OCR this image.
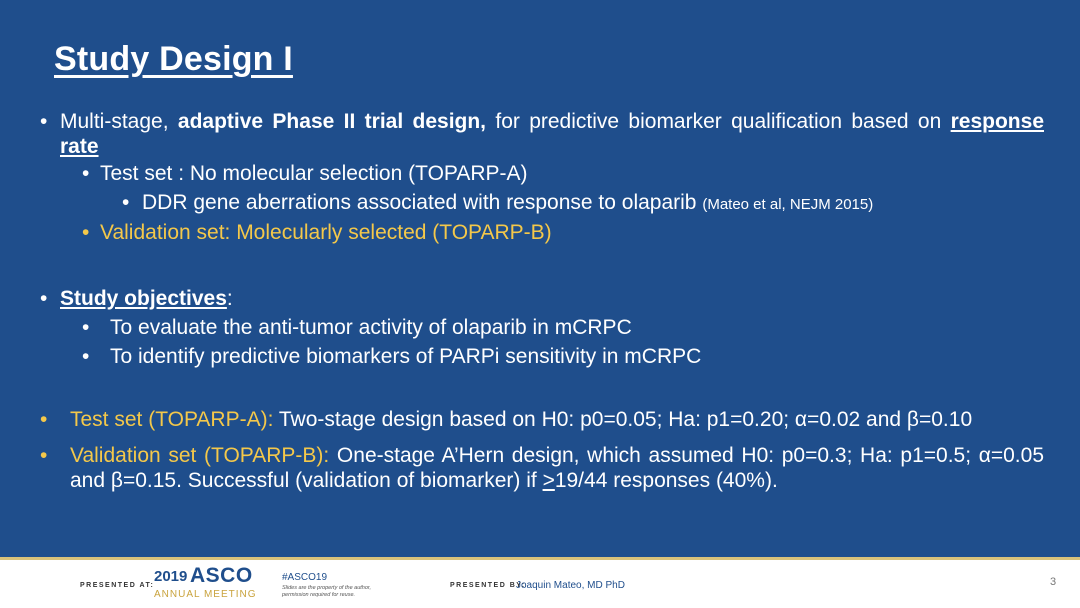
Study Design I
• Multi-stage, adaptive Phase II trial design, for predictive biomarker qualification based on response rate
• Test set : No molecular selection (TOPARP-A)
• DDR gene aberrations associated with response to olaparib (Mateo et al, NEJM 2015)
• Validation set: Molecularly selected (TOPARP-B)
• Study objectives:
• To evaluate the anti-tumor activity of olaparib in mCRPC
• To identify predictive biomarkers of PARPi sensitivity in mCRPC
•	Test set (TOPARP-A): Two-stage design based on H0: p0=0.05; Ha: p1=0.20; α=0.02 and β=0.10
•	Validation set (TOPARP-B): One-stage A’Hern design, which assumed H0: p0=0.3; Ha: p1=0.5; α=0.05 and β=0.15. Successful (validation of biomarker) if >19/44 responses (40%).
PRESENTED AT:
2019 ASCO
ANNUAL MEETING
#ASCO19
Slides are the property of the author, permission required for reuse.
PRESENTED BY:
Joaquin Mateo, MD PhD	3
